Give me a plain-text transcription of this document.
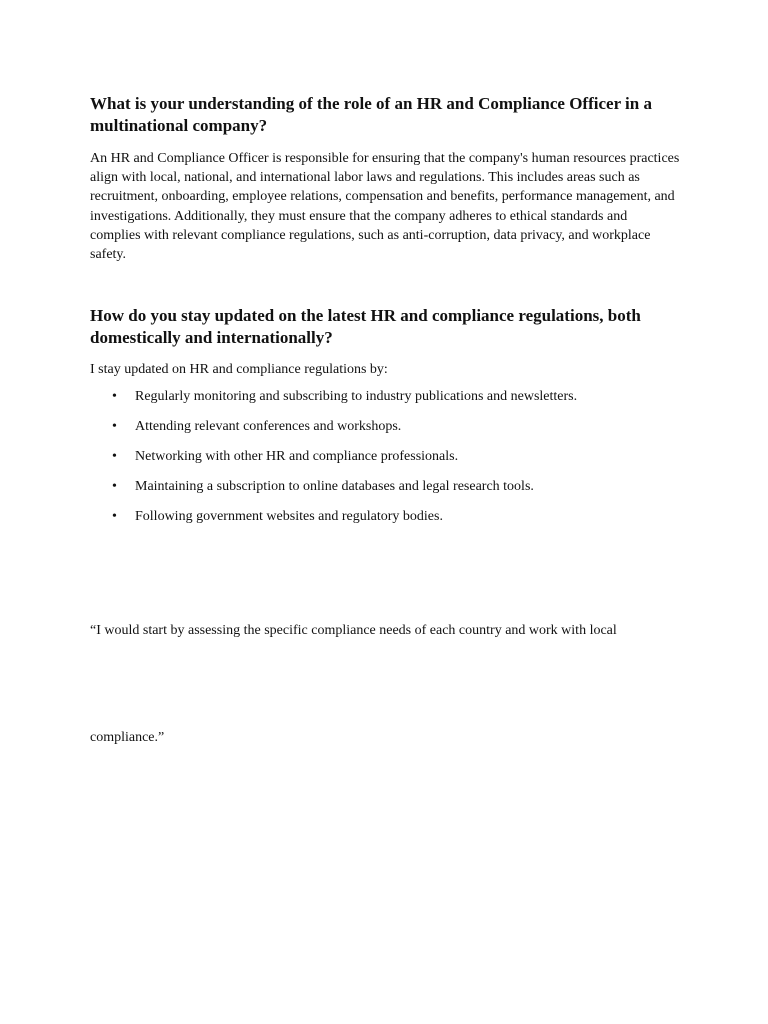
What is your understanding of the role of an HR and Compliance Officer in a multinational company?

An HR and Compliance Officer is responsible for ensuring that the company's human resources practices align with local, national, and international labor laws and regulations. This includes areas such as recruitment, onboarding, employee relations, compensation and benefits, performance management, and investigations. Additionally, they must ensure that the company adheres to ethical standards and complies with relevant compliance regulations, such as anti-corruption, data privacy, and workplace safety.

How do you stay updated on the latest HR and compliance regulations, both domestically and internationally?

I stay updated on HR and compliance regulations by:

• Regularly monitoring and subscribing to industry publications and newsletters.
• Attending relevant conferences and workshops.
• Networking with other HR and compliance professionals.
• Maintaining a subscription to online databases and legal research tools.
• Following government websites and regulatory bodies.

“I would start by assessing the specific compliance needs of each country and work with local

compliance.”
